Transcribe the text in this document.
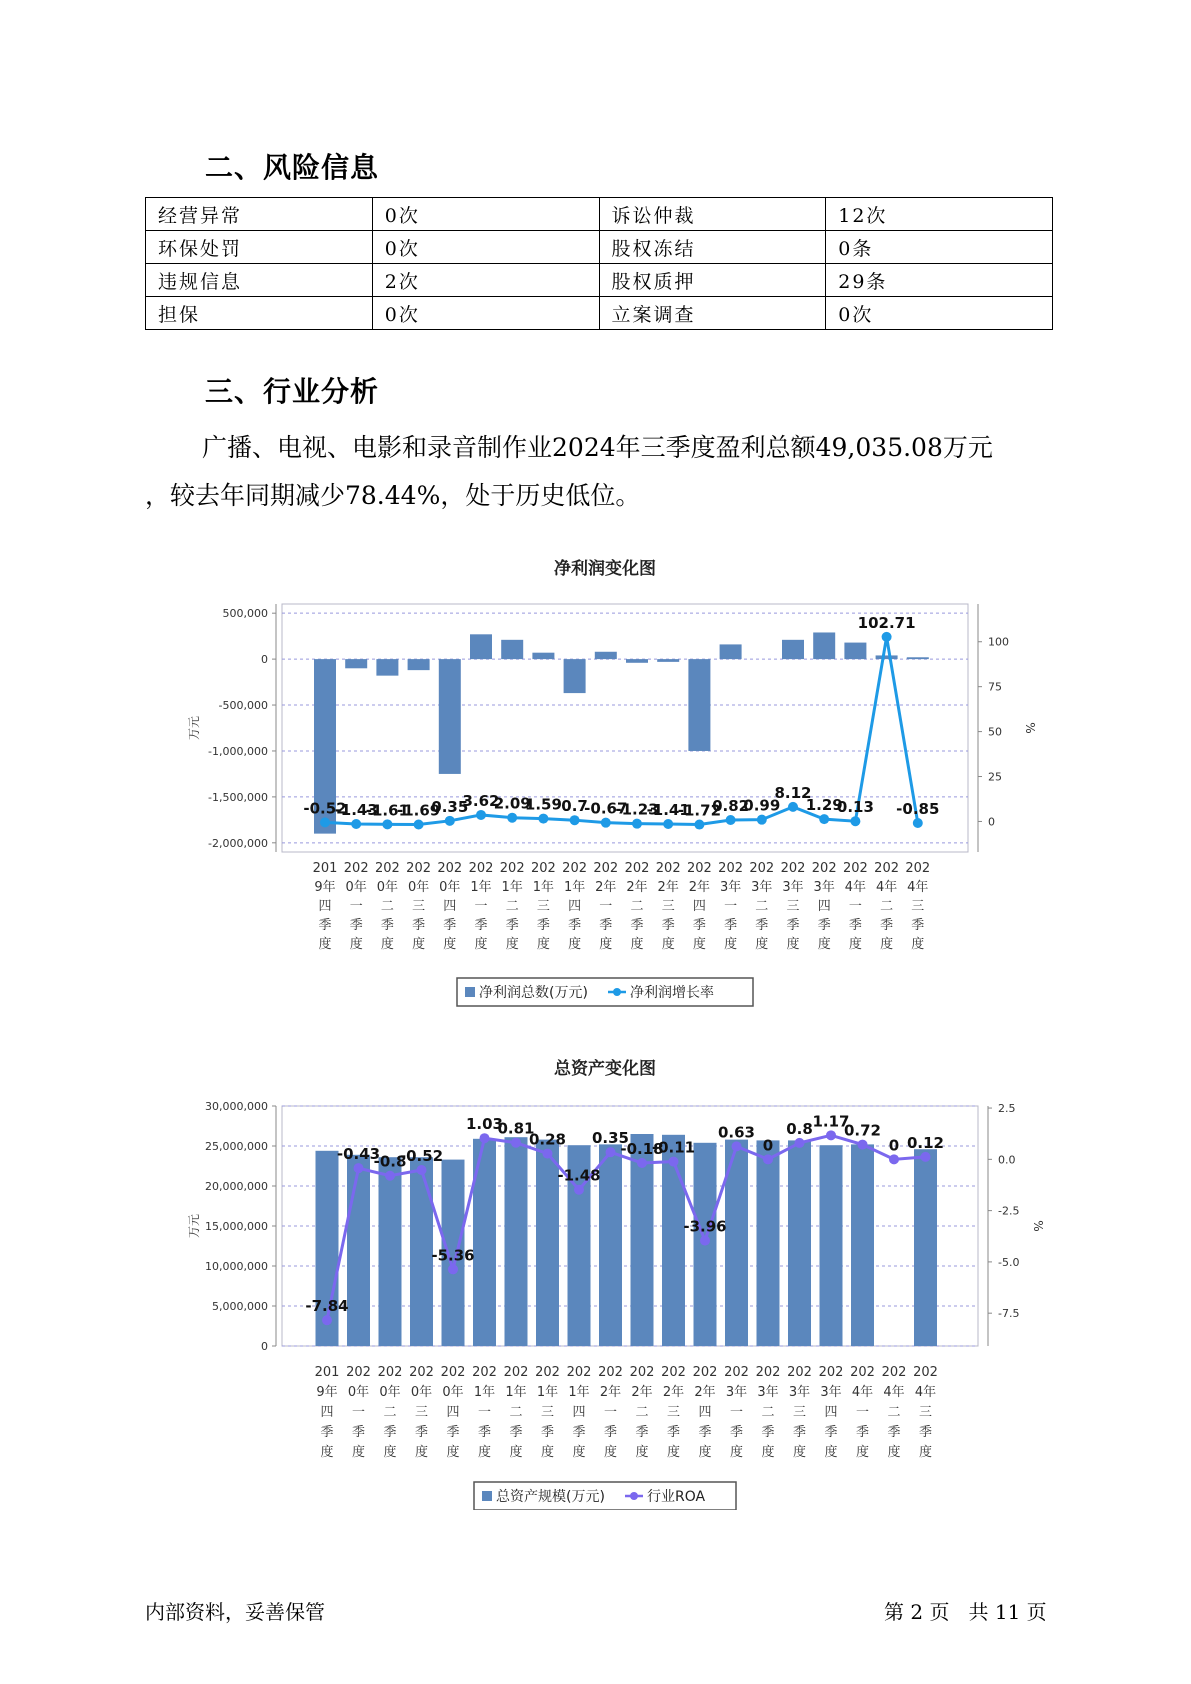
二、风险信息
经营异常	0次	诉讼仲裁	12次
环保处罚	0次	股权冻结	0条
违规信息	2次	股权质押	29条
担保	0次	立案调查	0次
三、行业分析
广播、电视、电影和录音制作业2024年三季度盈利总额49,035.08万元
，较去年同期减少78.44%，处于历史低位。
净利润变化图
500,000
0
-500,000
-1,000,000
-1,500,000
-2,000,000
万元
100
75
50
25
0
%
-0.52
-1.43
-1.61
-1.69
0.35
3.62
2.09
1.59 0.7
-0.67
-1.23
-1.41
-1.72
0.82
0.99
8.12
1.29
0.13
102.71
-0.85
201
9年
四
季
度
202
0年
一
季
度
202
0年
二
季
度
202
0年
三
季
度
202
0年
四
季
度
202
1年
一
季
度
202
1年
二
季
度
202
1年
三
季
度
202
1年
四
季
度
202
2年
一
季
度
202
2年
二
季
度
202
2年
三
季
度
202
2年
四
季
度
202
3年
一
季
度
202
3年
二
季
度
202
3年
三
季
度
202
3年
四
季
度
202
4年
一
季
度
202
4年
二
季
度
202
4年
三
季
度
净利润总数(万元)	净利润增长率
总资产变化图
30,000,000
25,000,000
20,000,000
15,000,000
10,000,000
5,000,000
0
万元
2.5
0.0
-2.5
-5.0
-7.5
%
-7.84
-0.43
-0.8
-0.52
-5.36
1.03
0.81
0.28
-1.48
0.35
-0.18
-0.11
-3.96
0.63
0
0.8 1.17
0.72
0 0.12
201
9年
四
季
度
202
0年
一
季
度
202
0年
二
季
度
202
0年
三
季
度
202
0年
四
季
度
202
1年
一
季
度
202
1年
二
季
度
202
1年
三
季
度
202
1年
四
季
度
202
2年
一
季
度
202
2年
二
季
度
202
2年
三
季
度
202
2年
四
季
度
202
3年
一
季
度
202
3年
二
季
度
202
3年
三
季
度
202
3年
四
季
度
202
4年
一
季
度
202
4年
二
季
度
202
4年
三
季
度
总资产规模(万元)	行业ROA
内部资料，妥善保管	第 2 页   共 11 页
